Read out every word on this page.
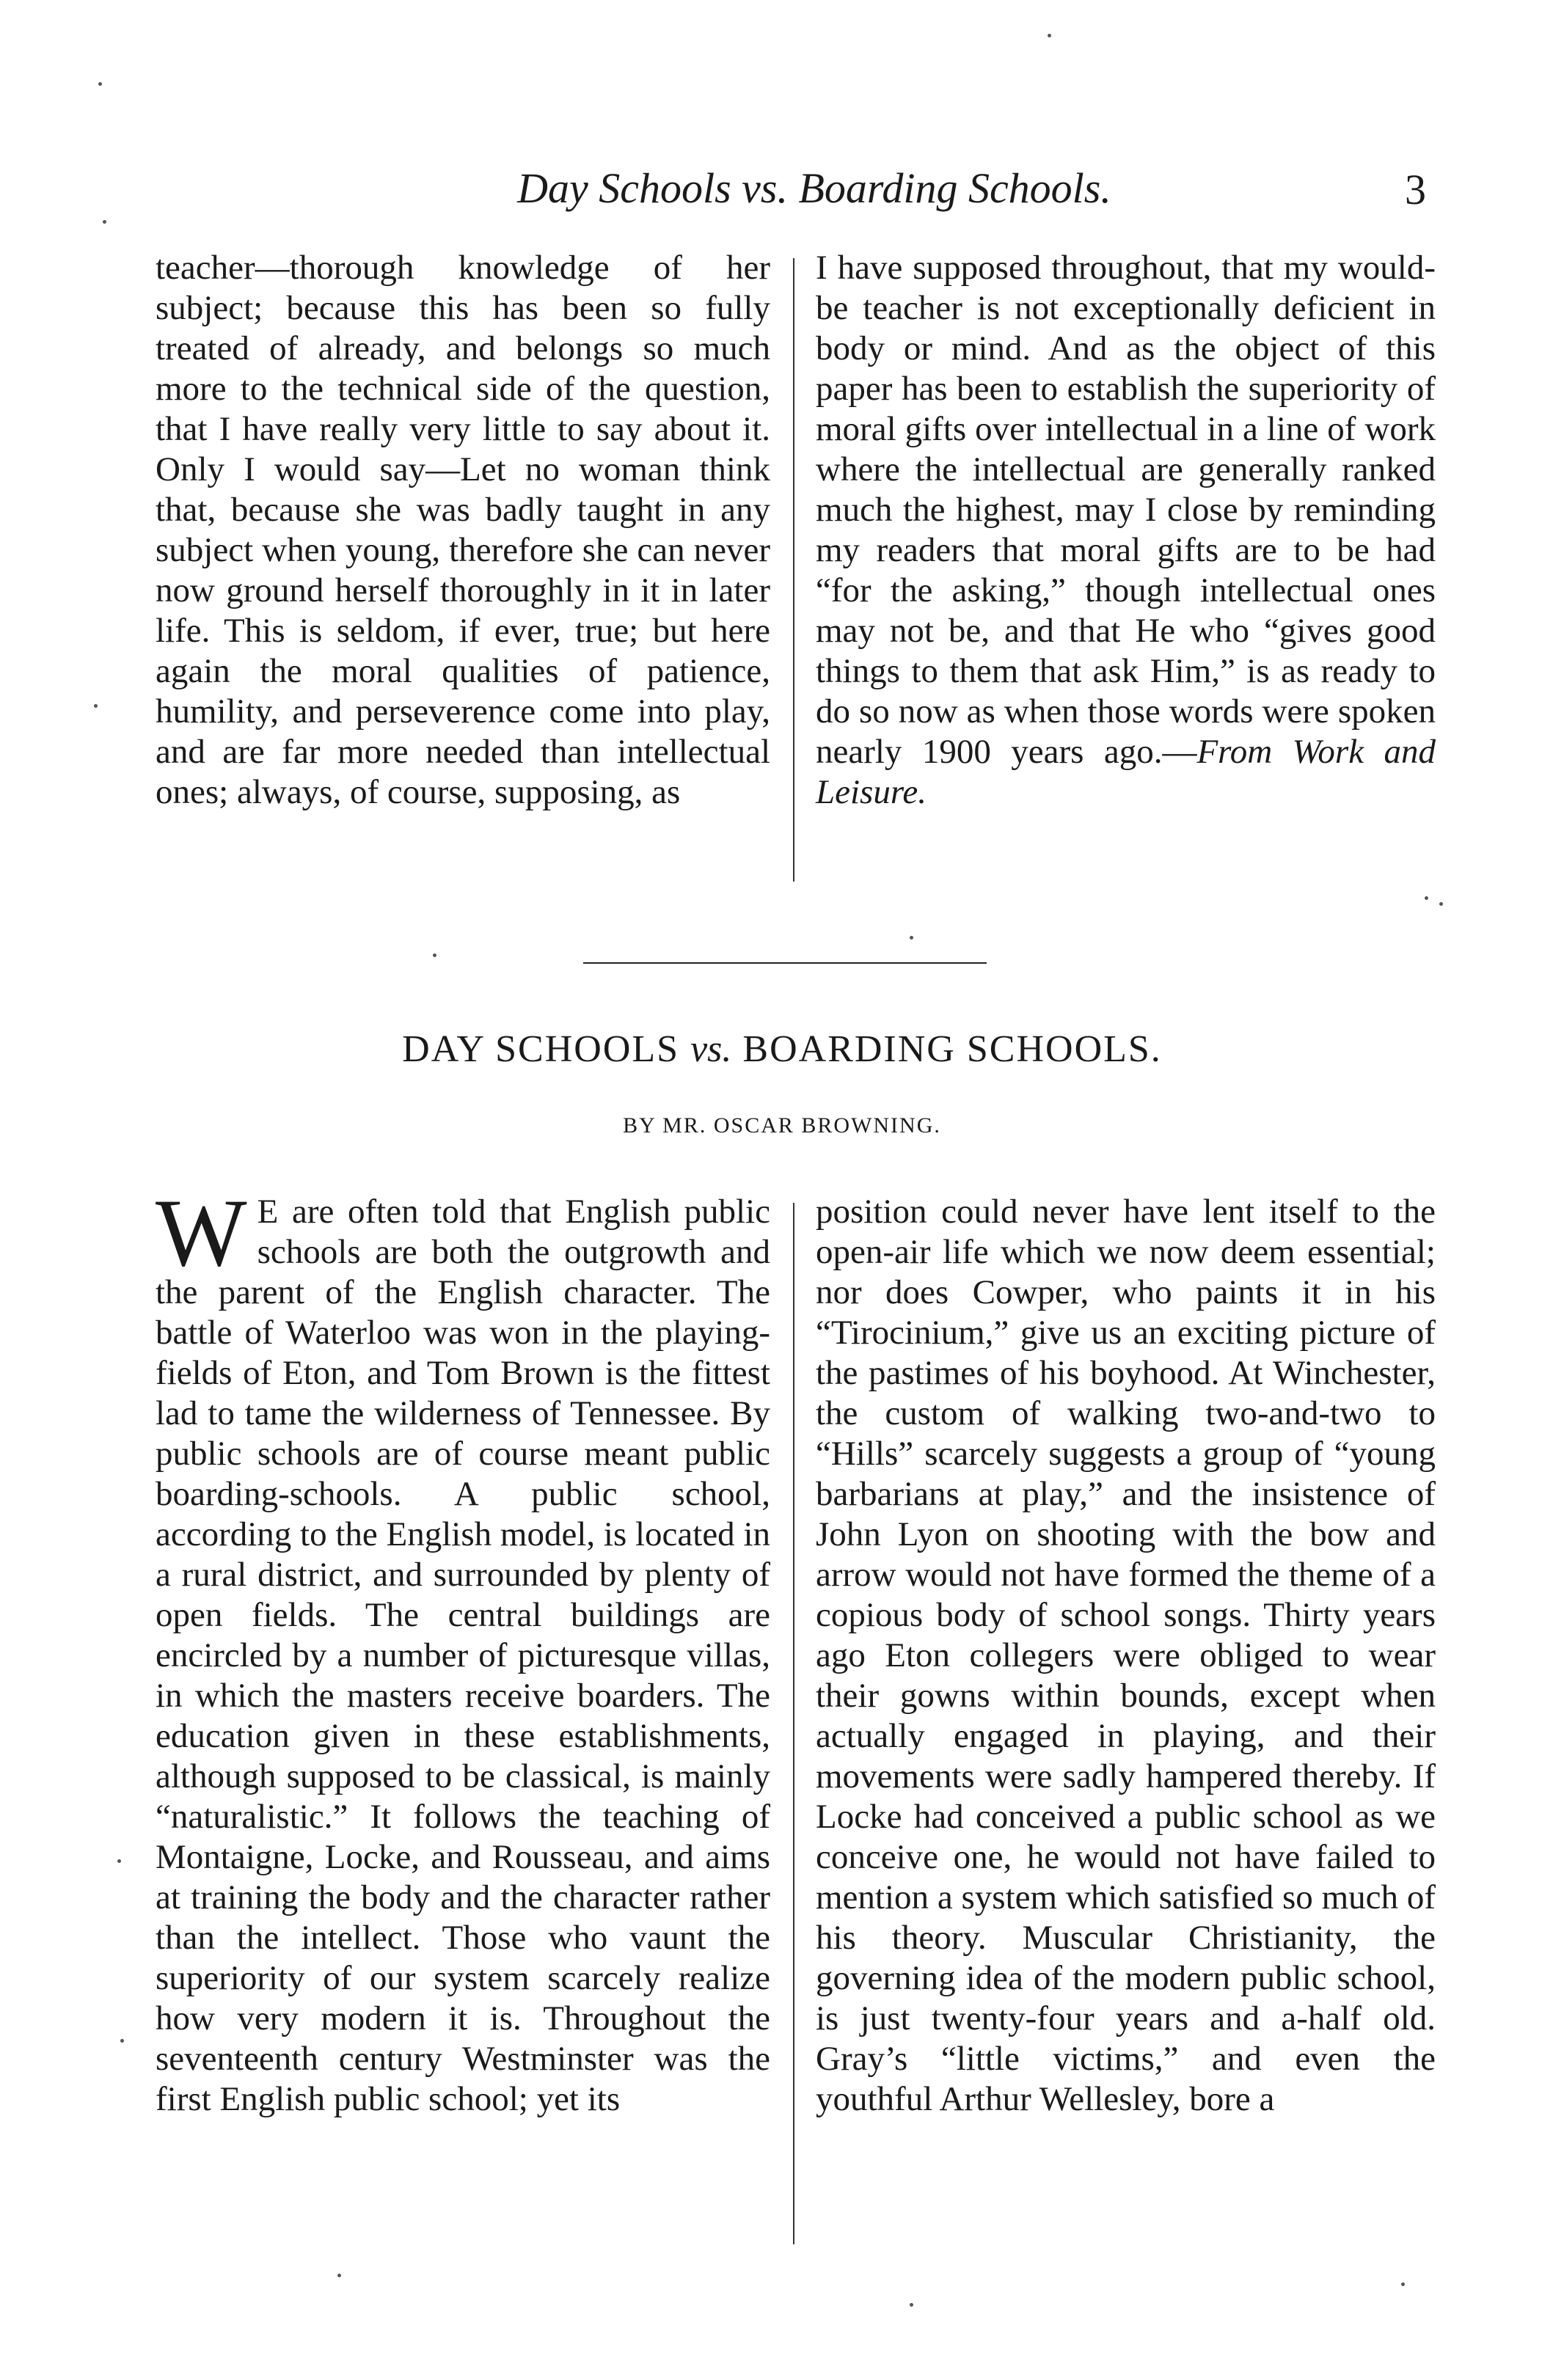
Day Schools vs. Boarding Schools.	3

teacher—thorough knowledge of her subject; because this has been so fully treated of already, and belongs so much more to the technical side of the question, that I have really very little to say about it. Only I would say—Let no woman think that, because she was badly taught in any subject when young, therefore she can never now ground herself thoroughly in it in later life. This is seldom, if ever, true; but here again the moral qualities of patience, humility, and perseverence come into play, and are far more needed than intellectual ones; always, of course, supposing, as

I have supposed throughout, that my would-be teacher is not exceptionally deficient in body or mind. And as the object of this paper has been to establish the superiority of moral gifts over intellectual in a line of work where the intellectual are generally ranked much the highest, may I close by reminding my readers that moral gifts are to be had “for the asking,” though intellectual ones may not be, and that He who “gives good things to them that ask Him,” is as ready to do so now as when those words were spoken nearly 1900 years ago.—From Work and Leisure.

DAY SCHOOLS vs. BOARDING SCHOOLS.
BY MR. OSCAR BROWNING.

W E are often told that English public schools are both the outgrowth and the parent of the English character. The battle of Waterloo was won in the playing-fields of Eton, and Tom Brown is the fittest lad to tame the wilderness of Tennessee. By public schools are of course meant public boarding-schools. A public school, according to the English model, is located in a rural district, and surrounded by plenty of open fields. The central buildings are encircled by a number of picturesque villas, in which the masters receive boarders. The education given in these establishments, although supposed to be classical, is mainly “naturalistic.” It follows the teaching of Montaigne, Locke, and Rousseau, and aims at training the body and the character rather than the intellect. Those who vaunt the superiority of our system scarcely realize how very modern it is. Throughout the seventeenth century Westminster was the first English public school; yet its

position could never have lent itself to the open-air life which we now deem essential; nor does Cowper, who paints it in his “Tirocinium,” give us an exciting picture of the pastimes of his boyhood. At Winchester, the custom of walking two-and-two to “Hills” scarcely suggests a group of “young barbarians at play,” and the insistence of John Lyon on shooting with the bow and arrow would not have formed the theme of a copious body of school songs. Thirty years ago Eton collegers were obliged to wear their gowns within bounds, except when actually engaged in playing, and their movements were sadly hampered thereby. If Locke had conceived a public school as we conceive one, he would not have failed to mention a system which satisfied so much of his theory. Muscular Christianity, the governing idea of the modern public school, is just twenty-four years and a-half old. Gray’s “little victims,” and even the youthful Arthur Wellesley, bore a
